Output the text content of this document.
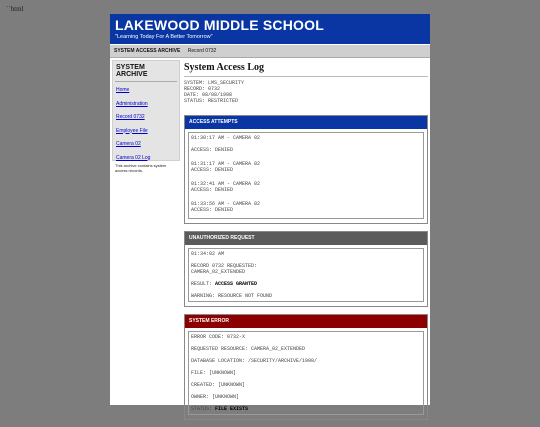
``html
LAKEWOOD MIDDLE SCHOOL
"Learning Today For A Better Tomorrow"
SYSTEM ACCESS ARCHIVE Record 0732
SYSTEM ARCHIVE
Home
Administration
Record 0732
Employee File
Camera 02
Camera 02 Log
This archive contains system access records.
System Access Log
SYSTEM: LMS_SECURITY
RECORD: 0732
DATE: 08/08/1998
STATUS: RESTRICTED
ACCESS ATTEMPTS
01:30:17 AM - CAMERA 02
ACCESS: DENIED
01:31:17 AM - CAMERA 02
ACCESS: DENIED
01:32:41 AM - CAMERA 02
ACCESS: DENIED
01:33:56 AM - CAMERA 02
ACCESS: DENIED
UNAUTHORIZED REQUEST
01:34:02 AM
RECORD 0732 REQUESTED:
CAMERA_02_EXTENDED
RESULT: ACCESS GRANTED
WARNING: RESOURCE NOT FOUND
SYSTEM ERROR
ERROR CODE: 0732-X
REQUESTED RESOURCE: CAMERA_02_EXTENDED
DATABASE LOCATION: /SECURITY/ARCHIVE/1998/
FILE: [UNKNOWN]
CREATED: [UNKNOWN]
OWNER: [UNKNOWN]
STATUS: FILE EXISTS
